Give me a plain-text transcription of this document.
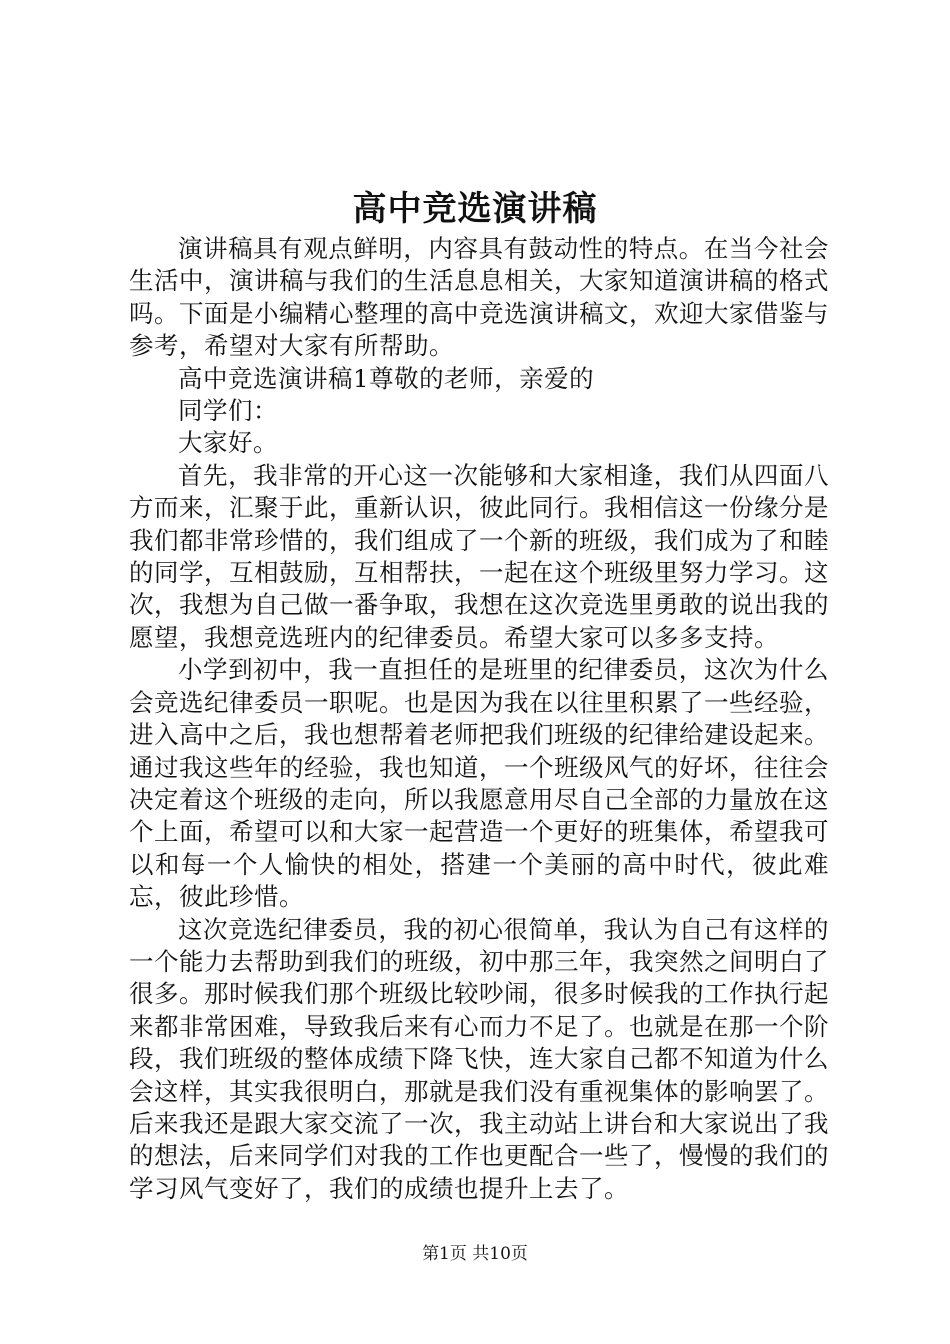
高中竞选演讲稿

演讲稿具有观点鲜明，内容具有鼓动性的特点。在当今社会生活中，演讲稿与我们的生活息息相关，大家知道演讲稿的格式吗。下面是小编精心整理的高中竞选演讲稿文，欢迎大家借鉴与参考，希望对大家有所帮助。

高中竞选演讲稿1尊敬的老师，亲爱的

同学们：

大家好。

首先，我非常的开心这一次能够和大家相逢，我们从四面八方而来，汇聚于此，重新认识，彼此同行。我相信这一份缘分是我们都非常珍惜的，我们组成了一个新的班级，我们成为了和睦的同学，互相鼓励，互相帮扶，一起在这个班级里努力学习。这次，我想为自己做一番争取，我想在这次竞选里勇敢的说出我的愿望，我想竞选班内的纪律委员。希望大家可以多多支持。

小学到初中，我一直担任的是班里的纪律委员，这次为什么会竞选纪律委员一职呢。也是因为我在以往里积累了一些经验，进入高中之后，我也想帮着老师把我们班级的纪律给建设起来。通过我这些年的经验，我也知道，一个班级风气的好坏，往往会决定着这个班级的走向，所以我愿意用尽自己全部的力量放在这个上面，希望可以和大家一起营造一个更好的班集体，希望我可以和每一个人愉快的相处，搭建一个美丽的高中时代，彼此难忘，彼此珍惜。

这次竞选纪律委员，我的初心很简单，我认为自己有这样的一个能力去帮助到我们的班级，初中那三年，我突然之间明白了很多。那时候我们那个班级比较吵闹，很多时候我的工作执行起来都非常困难，导致我后来有心而力不足了。也就是在那一个阶段，我们班级的整体成绩下降飞快，连大家自己都不知道为什么会这样，其实我很明白，那就是我们没有重视集体的影响罢了。后来我还是跟大家交流了一次，我主动站上讲台和大家说出了我的想法，后来同学们对我的工作也更配合一些了，慢慢的我们的学习风气变好了，我们的成绩也提升上去了。

第1页 共10页
